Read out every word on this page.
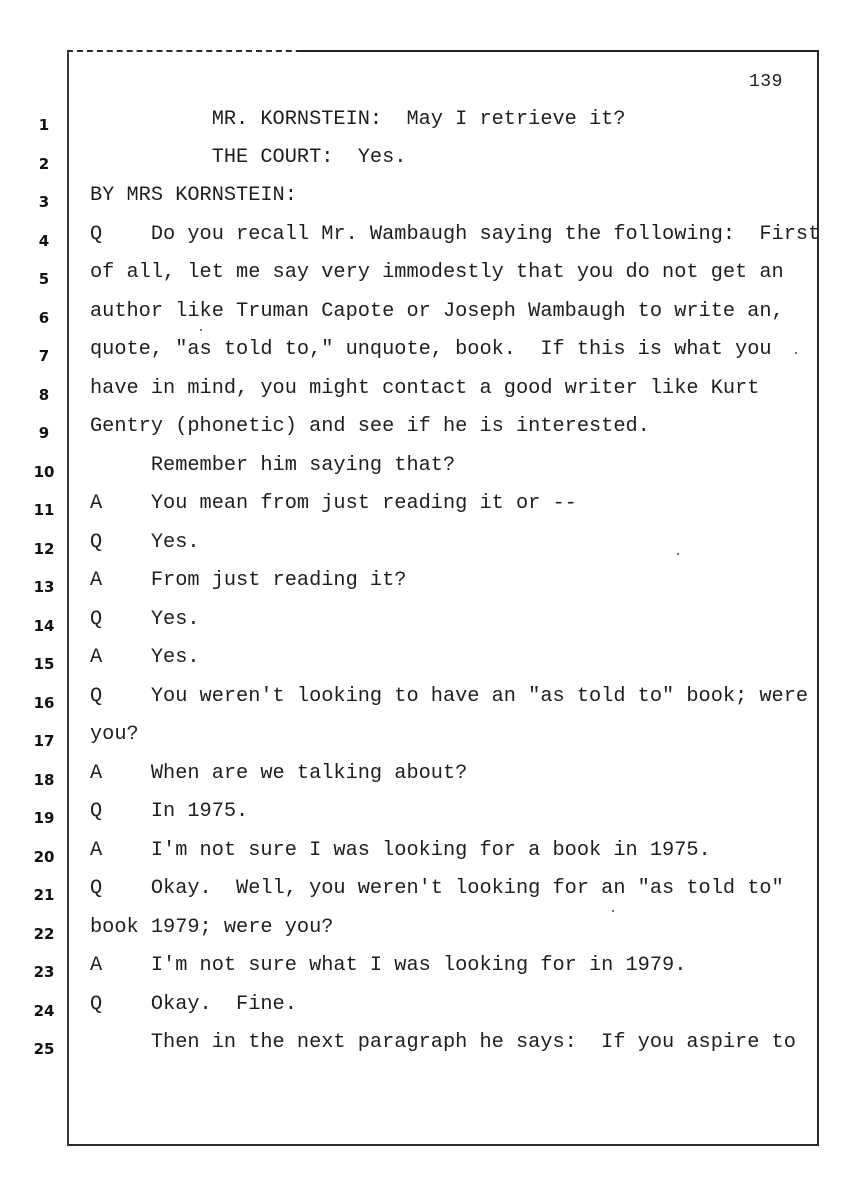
139
1	MR. KORNSTEIN:  May I retrieve it?
2	THE COURT:  Yes.
3	BY MRS KORNSTEIN:
4	Q    Do you recall Mr. Wambaugh saying the following:  First
5	of all, let me say very immodestly that you do not get an
6	author like Truman Capote or Joseph Wambaugh to write an,
7	quote, "as told to," unquote, book.  If this is what you
8	have in mind, you might contact a good writer like Kurt
9	Gentry (phonetic) and see if he is interested.
10 Remember him saying that?
11 A    You mean from just reading it or --
12 Q    Yes.
13 A    From just reading it?
14 Q    Yes.
15 A    Yes.
16 Q    You weren't looking to have an "as told to" book; were
17 you?
18 A    When are we talking about?
19 Q    In 1975.
20 A    I'm not sure I was looking for a book in 1975.
21 Q    Okay.  Well, you weren't looking for an "as told to"
22 book 1979; were you?
23 A    I'm not sure what I was looking for in 1979.
24 Q    Okay.  Fine.
25 Then in the next paragraph he says:  If you aspire to
